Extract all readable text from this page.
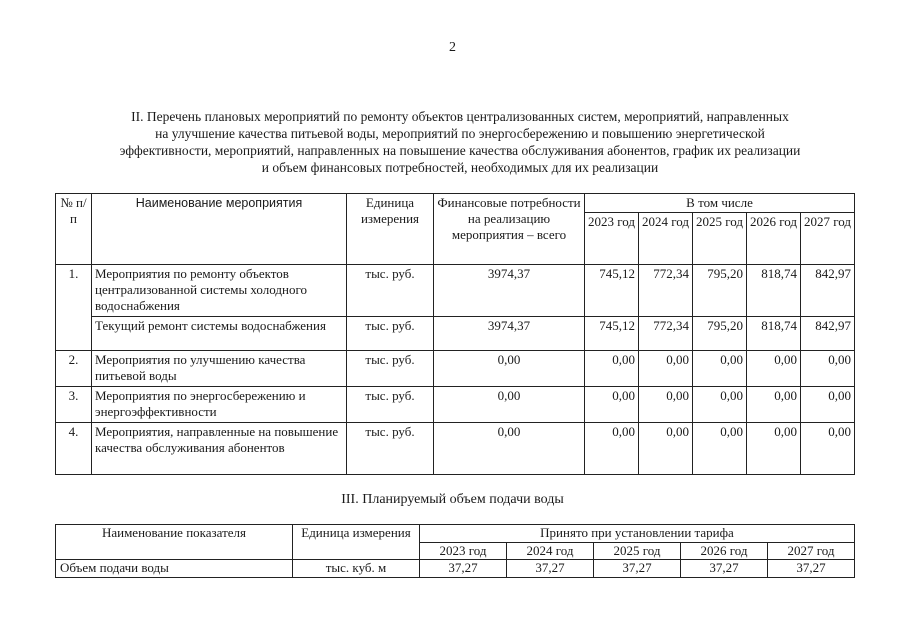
2
II. Перечень плановых мероприятий по ремонту объектов централизованных систем, мероприятий, направленных
на улучшение качества питьевой воды, мероприятий по энергосбережению и повышению энергетической
эффективности, мероприятий, направленных на повышение качества обслуживания абонентов, график их реализации
и объем финансовых потребностей, необходимых для их реализации
№ п/п	Наименование мероприятия	Единица измерения	Финансовые потребности на реализацию мероприятия – всего	В том числе				
				2023 год	2024 год	2025 год	2026 год	2027 год
1.	Мероприятия по ремонту объектов централизованной системы холодного водоснабжения	тыс. руб.	3974,37	745,12	772,34	795,20	818,74	842,97
	Текущий ремонт системы водоснабжения	тыс. руб.	3974,37	745,12	772,34	795,20	818,74	842,97
2.	Мероприятия по улучшению качества питьевой воды	тыс. руб.	0,00	0,00	0,00	0,00	0,00	0,00
3.	Мероприятия по энергосбережению и энергоэффективности	тыс. руб.	0,00	0,00	0,00	0,00	0,00	0,00
4.	Мероприятия, направленные на повышение качества обслуживания абонентов	тыс. руб.	0,00	0,00	0,00	0,00	0,00	0,00
III. Планируемый объем подачи воды
Наименование показателя	Единица измерения	Принято при установлении тарифа				
		2023 год	2024 год	2025 год	2026 год	2027 год
Объем подачи воды	тыс. куб. м	37,27	37,27	37,27	37,27	37,27
